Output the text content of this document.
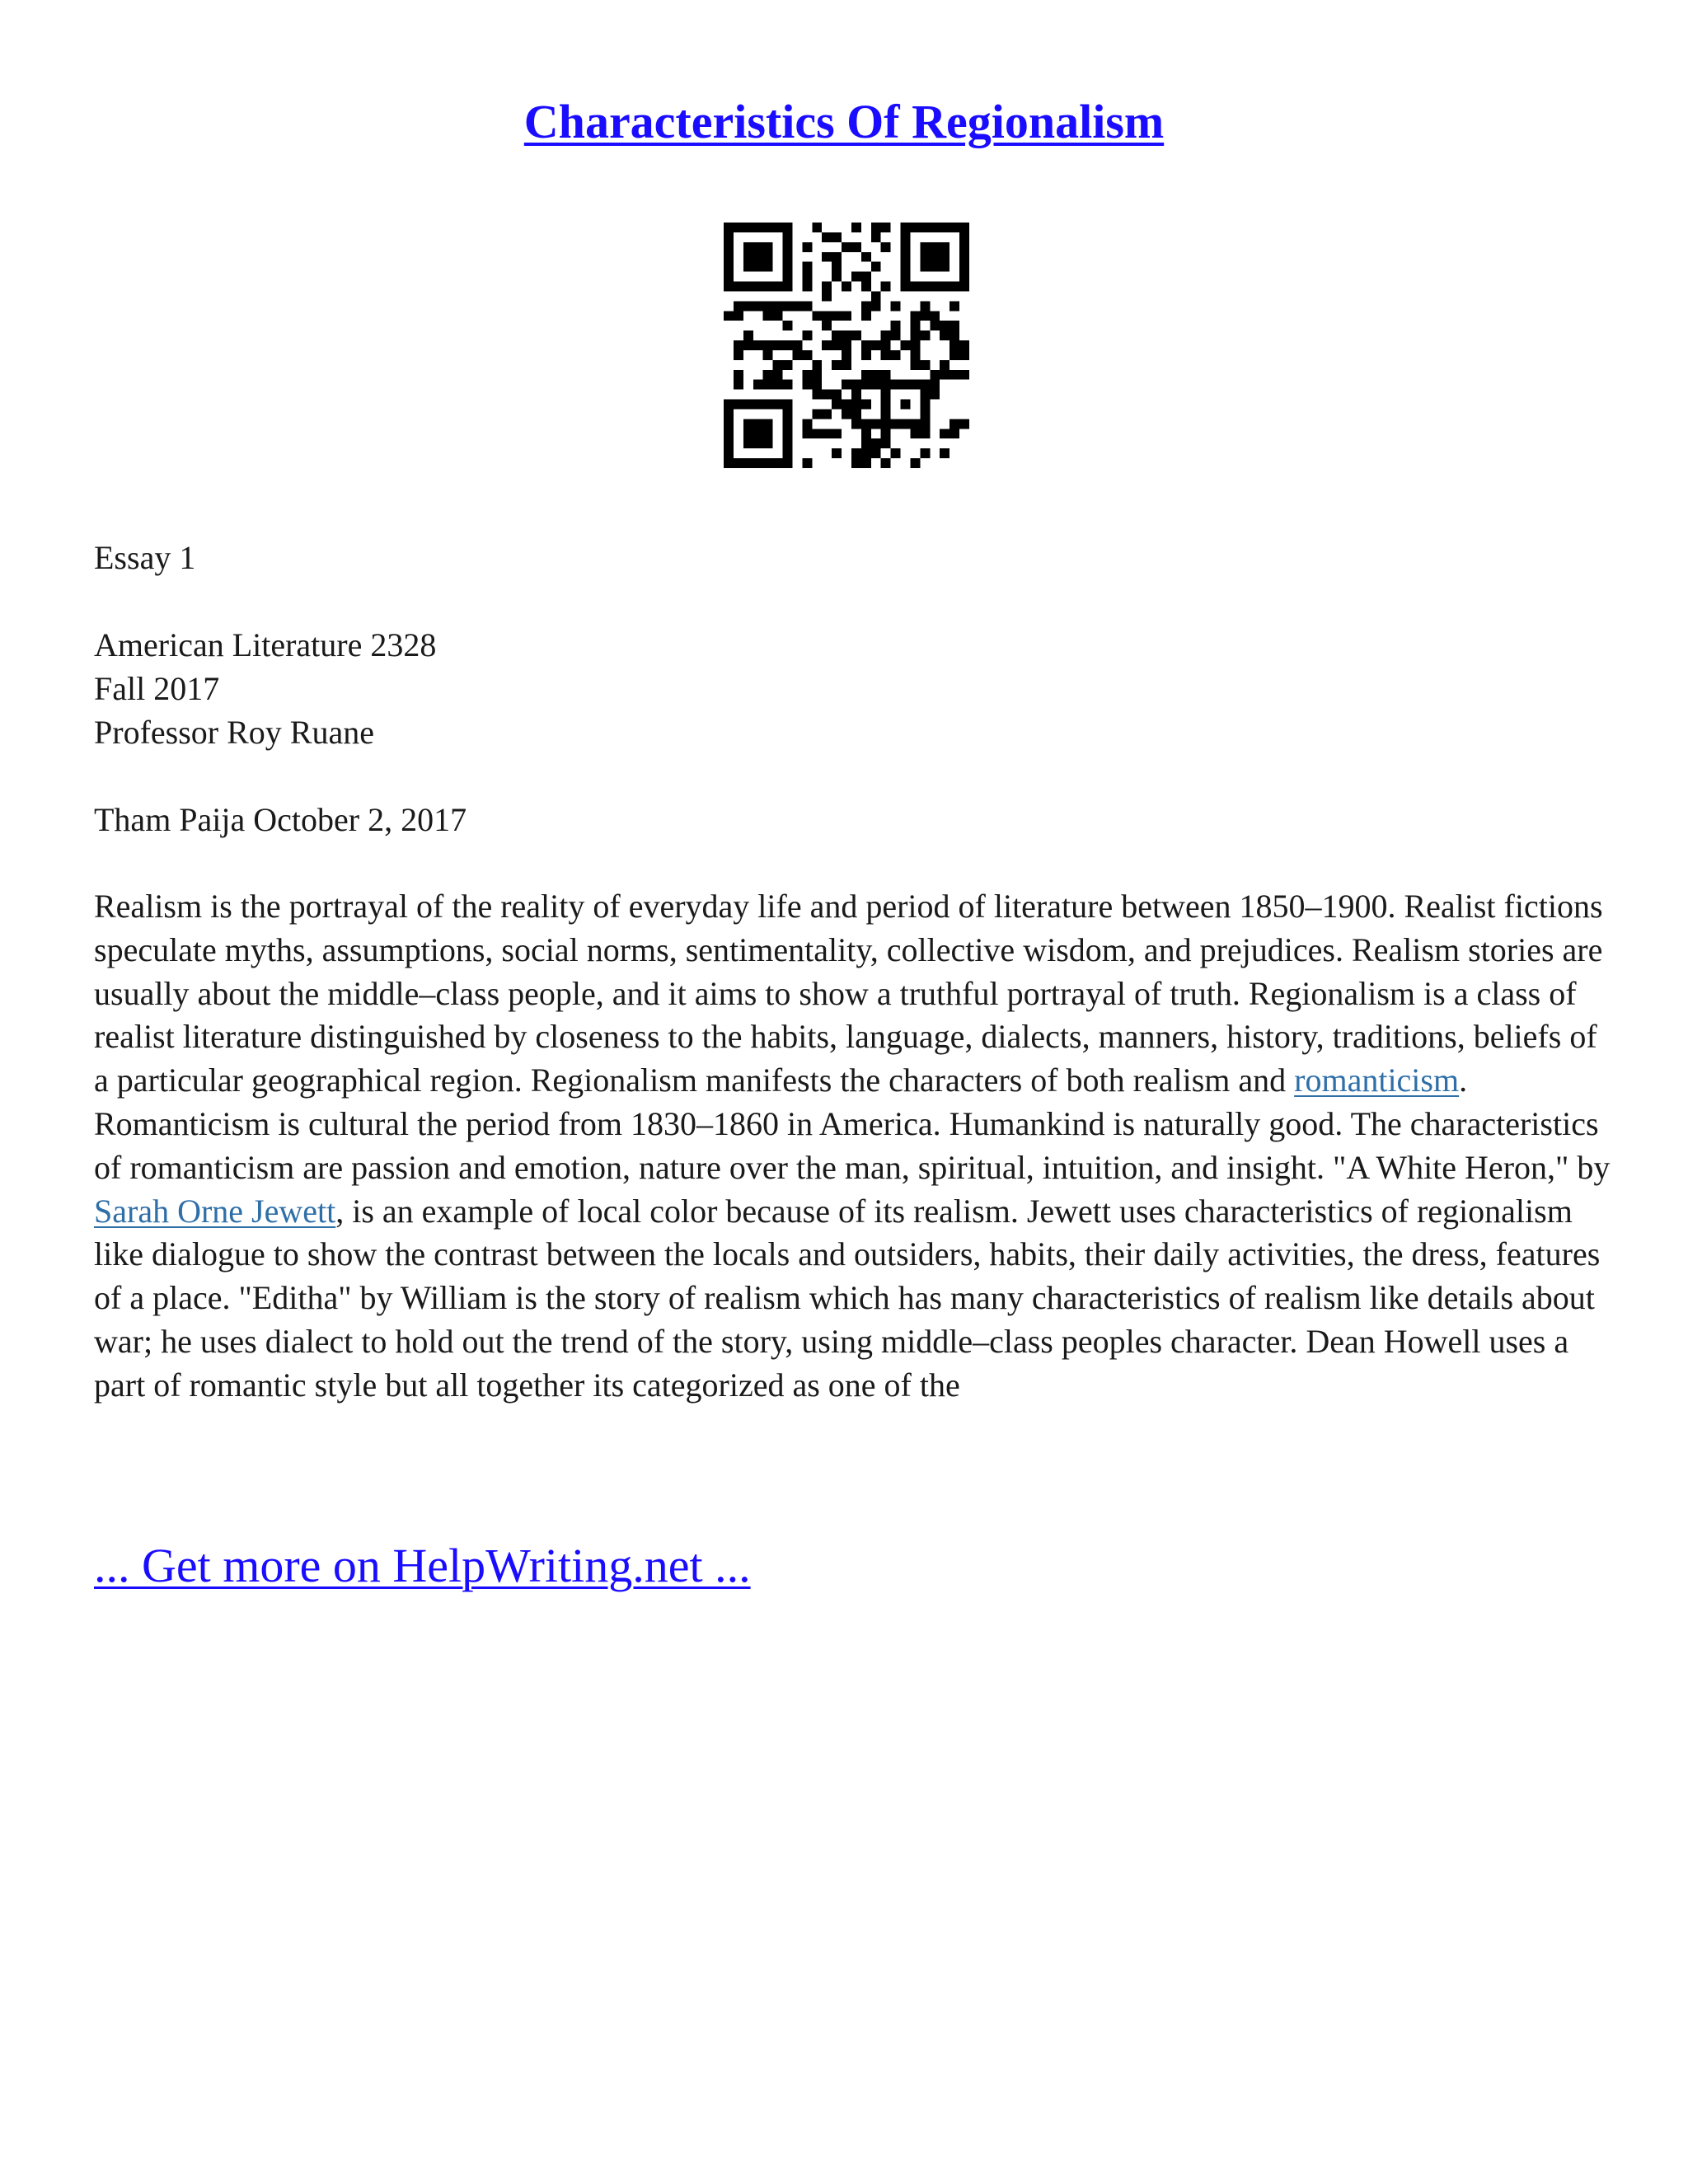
Characteristics Of Regionalism
Essay 1
American Literature 2328
Fall 2017
Professor Roy Ruane
Tham Paija October 2, 2017

Realism is the portrayal of the reality of everyday life and period of literature between 1850–1900. Realist fictions speculate myths, assumptions, social norms, sentimentality, collective wisdom, and prejudices. Realism stories are usually about the middle–class people, and it aims to show a truthful portrayal of truth. Regionalism is a class of realist literature distinguished by closeness to the habits, language, dialects, manners, history, traditions, beliefs of a particular geographical region. Regionalism manifests the characters of both realism and romanticism. Romanticism is cultural the period from 1830–1860 in America. Humankind is naturally good. The characteristics of romanticism are passion and emotion, nature over the man, spiritual, intuition, and insight. "A White Heron," by Sarah Orne Jewett, is an example of local color because of its realism. Jewett uses characteristics of regionalism like dialogue to show the contrast between the locals and outsiders, habits, their daily activities, the dress, features of a place. "Editha" by William is the story of realism which has many characteristics of realism like details about war; he uses dialect to hold out the trend of the story, using middle–class peoples character. Dean Howell uses a part of romantic style but all together its categorized as one of the

... Get more on HelpWriting.net ...
